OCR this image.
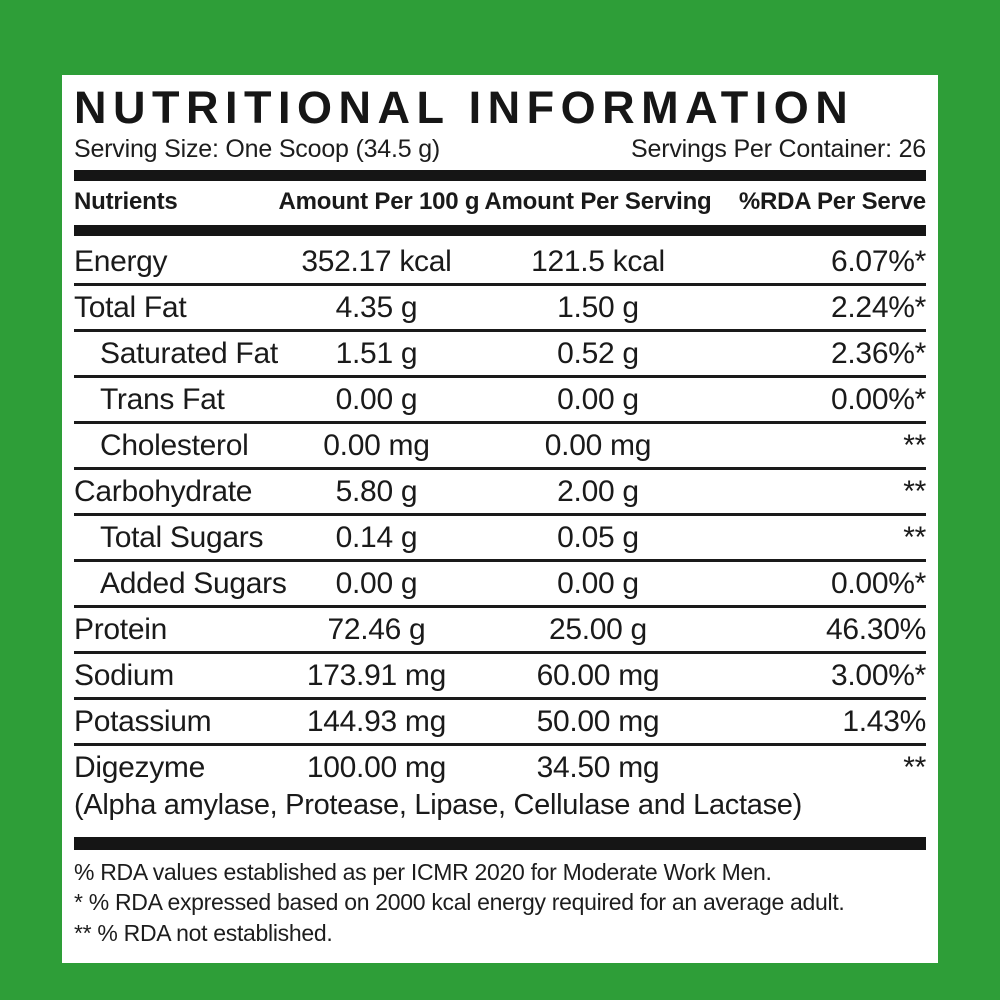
NUTRITIONAL INFORMATION
Serving Size: One Scoop (34.5 g)	Servings Per Container: 26
Nutrients	Amount Per 100 g Amount Per Serving	%RDA Per Serve
Energy	352.17 kcal	121.5 kcal	6.07%*
Total Fat	4.35 g	1.50 g	2.24%*
Saturated Fat	1.51 g	0.52 g	2.36%*
Trans Fat	0.00 g	0.00 g	0.00%*
Cholesterol	0.00 mg	0.00 mg	**
Carbohydrate	5.80 g	2.00 g	**
Total Sugars	0.14 g	0.05 g	**
Added Sugars	0.00 g	0.00 g	0.00%*
Protein	72.46 g	25.00 g	46.30%
Sodium	173.91 mg	60.00 mg	3.00%*
Potassium	144.93 mg	50.00 mg	1.43%
Digezyme	100.00 mg	34.50 mg	**
(Alpha amylase, Protease, Lipase, Cellulase and Lactase)
% RDA values established as per ICMR 2020 for Moderate Work Men.
* % RDA expressed based on 2000 kcal energy required for an average adult.
** % RDA not established.
